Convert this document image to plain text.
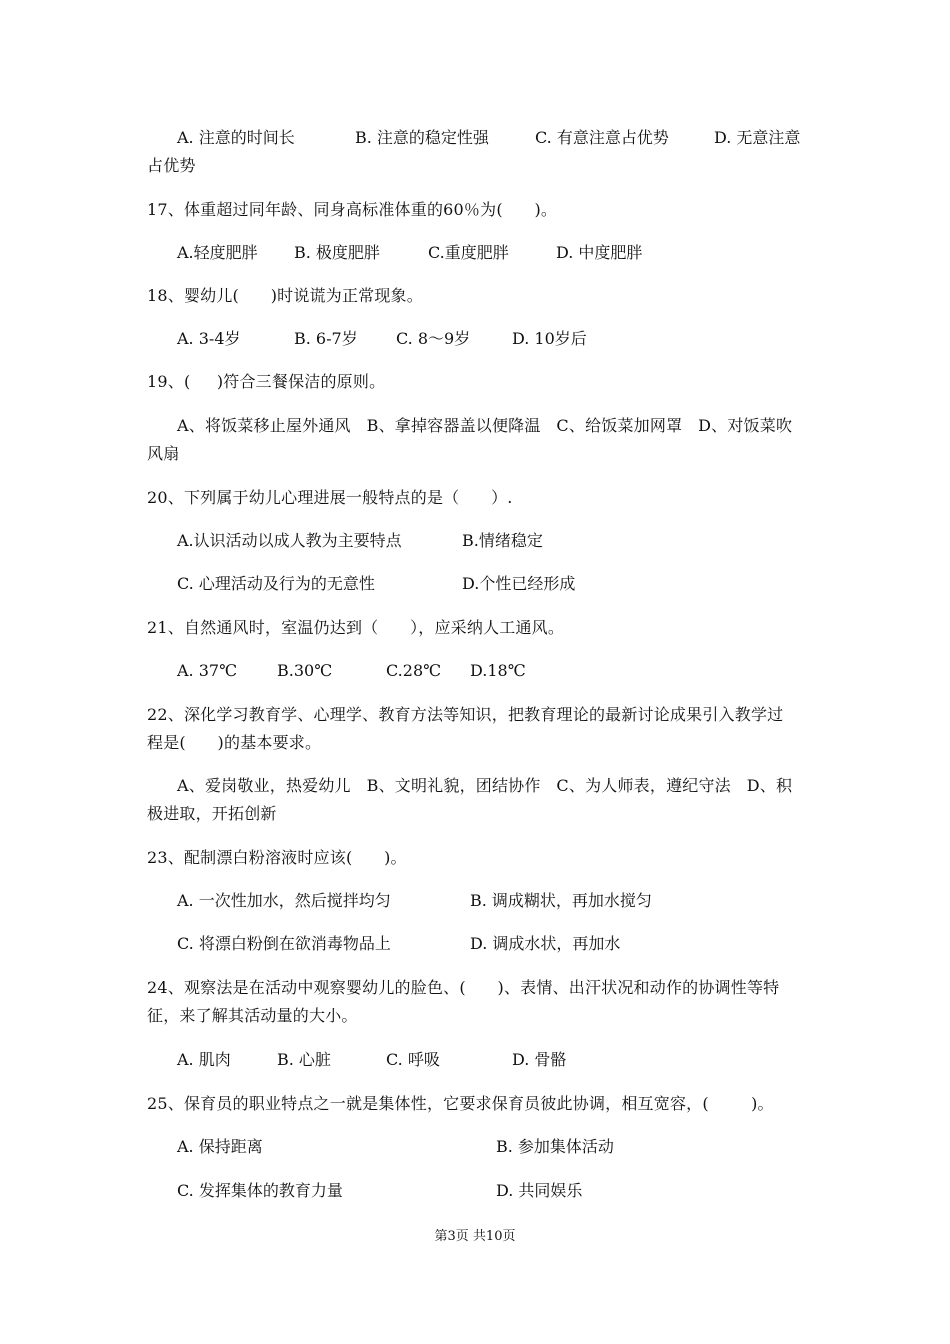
A. 注意的时间长	B. 注意的稳定性强	C. 有意注意占优势	D. 无意注意
占优势
17、体重超过同年龄、同身高标准体重的60％为(      )。
A.轻度肥胖 B. 极度肥胖	C.重度肥胖	D. 中度肥胖
18、婴幼儿(      )时说谎为正常现象。
A. 3-4岁	B. 6-7岁 C. 8～9岁	D. 10岁后
19、(     )符合三餐保洁的原则。
A、将饭菜移止屋外通风   B、拿掉容器盖以便降温   C、给饭菜加网罩   D、对饭菜吹
风扇
20、下列属于幼儿心理进展一般特点的是（      ）.
A.认识活动以成人教为主要特点	B.情绪稳定
C. 心理活动及行为的无意性	D.个性已经形成
21、自然通风时，室温仍达到（      ），应采纳人工通风。
A. 37℃	B.30℃	C.28℃ D.18℃
22、深化学习教育学、心理学、教育方法等知识，把教育理论的最新讨论成果引入教学过
程是(      )的基本要求。
A、爱岗敬业，热爱幼儿   B、文明礼貌，团结协作   C、为人师表，遵纪守法   D、积
极进取，开拓创新
23、配制漂白粉溶液时应该(      )。
A. 一次性加水，然后搅拌均匀	B. 调成糊状，再加水搅匀
C. 将漂白粉倒在欲消毒物品上	D. 调成水状，再加水
24、观察法是在活动中观察婴幼儿的脸色、(      )、表情、出汗状况和动作的协调性等特
征，来了解其活动量的大小。
A. 肌肉	B. 心脏	C. 呼吸	D. 骨骼
25、保育员的职业特点之一就是集体性，它要求保育员彼此协调，相互宽容，(        )。
A. 保持距离	B. 参加集体活动
C. 发挥集体的教育力量	D. 共同娱乐
第3页 共10页
